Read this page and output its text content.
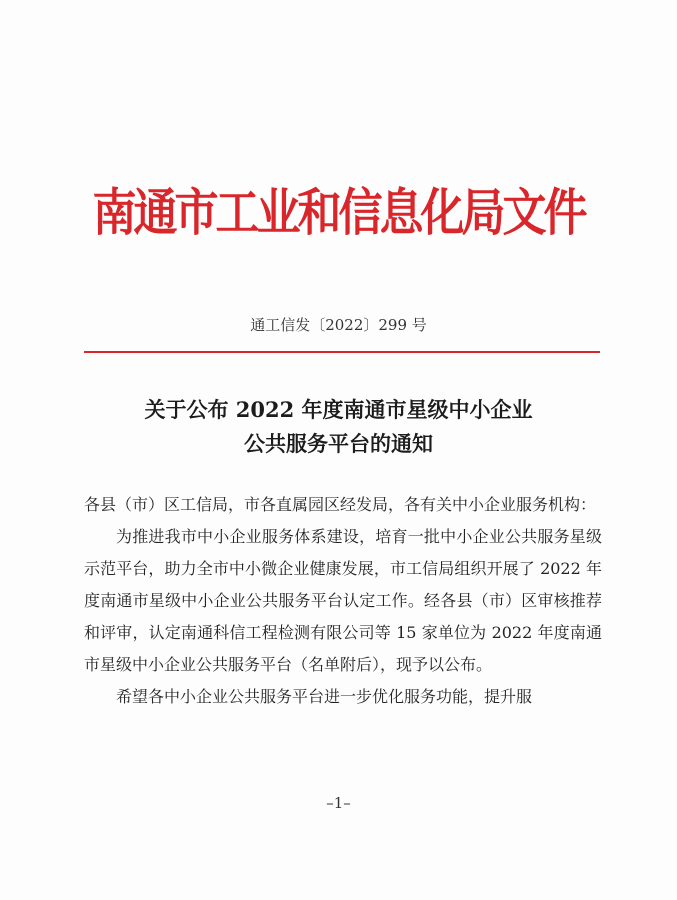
南通市工业和信息化局文件
通工信发〔2022〕299 号
关于公布 2022 年度南通市星级中小企业
公共服务平台的通知

各县（市）区工信局，市各直属园区经发局，各有关中小企业服务机构：

为推进我市中小企业服务体系建设，培育一批中小企业公共服务星级示范平台，助力全市中小微企业健康发展，市工信局组织开展了 2022 年度南通市星级中小企业公共服务平台认定工作。经各县（市）区审核推荐和评审，认定南通科信工程检测有限公司等 15 家单位为 2022 年度南通市星级中小企业公共服务平台（名单附后），现予以公布。

希望各中小企业公共服务平台进一步优化服务功能，提升服

–1–
